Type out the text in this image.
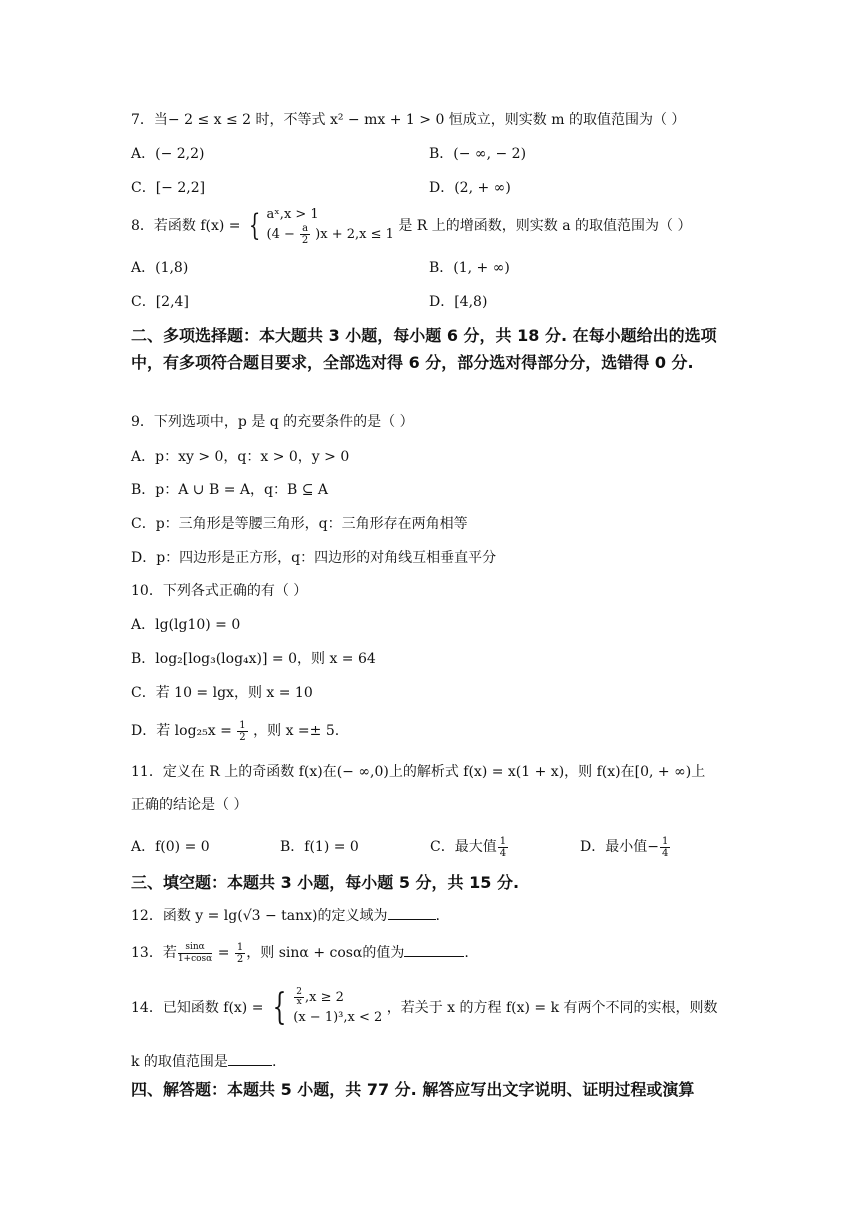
7．当− 2 ≤ x ≤ 2 时，不等式 x² − mx + 1 > 0 恒成立，则实数 m 的取值范围为（ ）
A．(− 2,2)	B．(− ∞, − 2)
C．[− 2,2]	D．(2, + ∞)
8．若函数 f(x) = { aˣ,x > 1
$(4 - \frac{a}{2} )x + 2,x \le 1$
是 R 上的增函数，则实数 a 的取值范围为（ ）
A．(1,8)	B．(1, + ∞)
C．[2,4]	D．[4,8)
二、多项选择题：本大题共 3 小题，每小题 6 分，共 18 分. 在每小题给出的选项中，有多项符合题目要求，全部选对得 6 分，部分选对得部分分，选错得 0 分.
9．下列选项中，p 是 q 的充要条件的是（ ）
A．p：xy > 0，q：x > 0，y > 0
B．p：A ∪ B = A，q：B ⊆ A
C．p：三角形是等腰三角形，q：三角形存在两角相等
D．p：四边形是正方形，q：四边形的对角线互相垂直平分
10．下列各式正确的有（ ）
A．lg(lg10) = 0
B．log₂[log₃(log₄x)] = 0，则 x = 64
C．若 10 = lgx，则 x = 10
D．若 $\log_{25}x = \frac{1}{2}$ ，则 x =± 5.
11．定义在 R 上的奇函数 f(x)在(− ∞,0)上的解析式 f(x) = x(1 + x)，则 f(x)在[0, + ∞)上
正确的结论是（ ）
A．f(0) = 0	B．f(1) = 0	C．最大值 $\frac{1}{4}$	D．最小值− $\frac{1}{4}$
三、填空题：本题共 3 小题，每小题 5 分，共 15 分.
12．函数 y = lg(√3 − tanx)的定义域为	.
13．若 $\frac{\sin\alpha}{1+\cos\alpha} = \frac{1}{2}$ ，则 sinα + cosα的值为	.
14．已知函数 f(x) = { $\frac{2}{x} ,x \ge 2$
(x − 1)³,x < 2
，若关于 x 的方程 f(x) = k 有两个不同的实根，则数
k 的取值范围是	.
四、解答题：本题共 5 小题，共 77 分. 解答应写出文字说明、证明过程或演算
